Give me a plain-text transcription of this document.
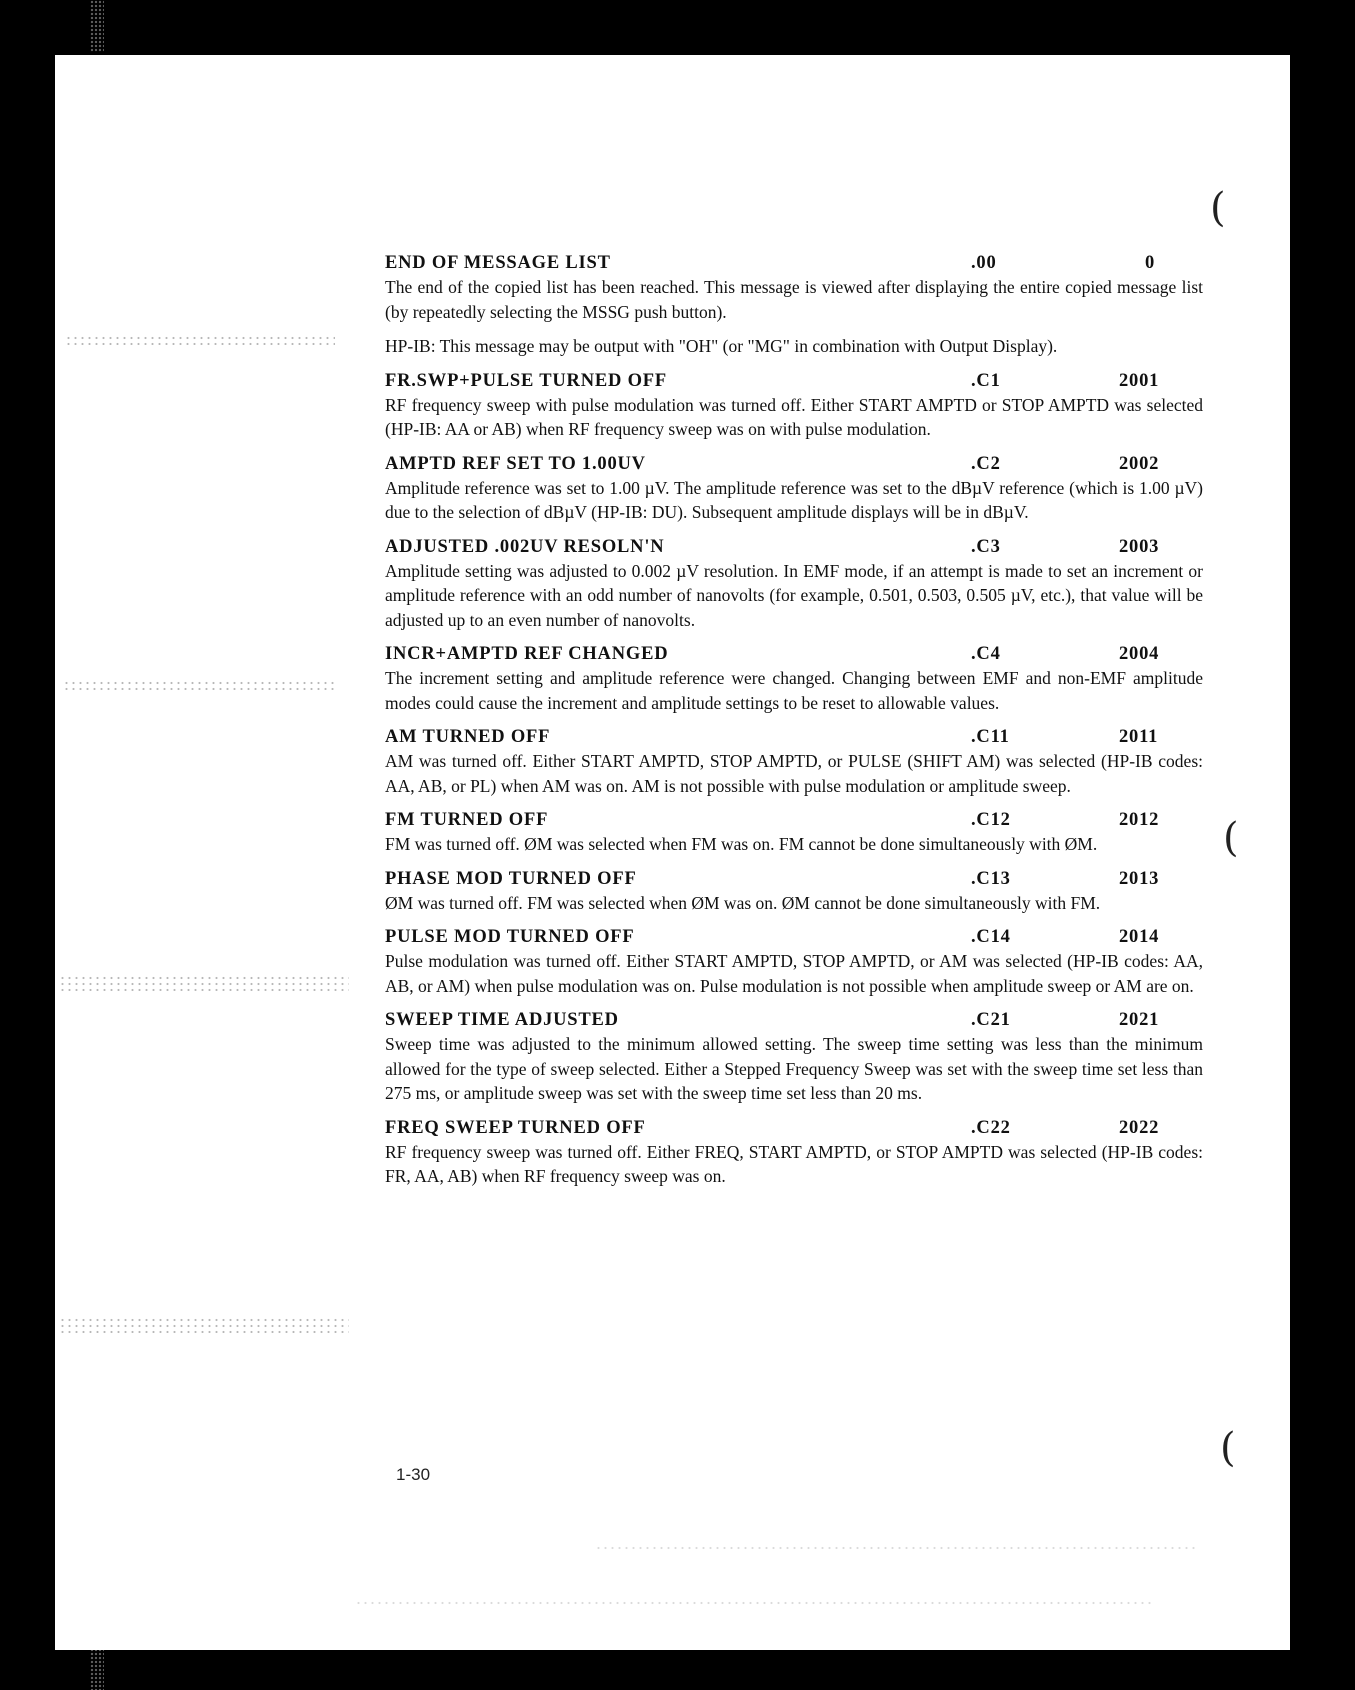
(
(
(
END OF MESSAGE LIST	.00	0

The end of the copied list has been reached. This message is viewed after displaying the entire copied message list (by repeatedly selecting the MSSG push button).

HP-IB: This message may be output with "OH" (or "MG" in combination with Output Display).

FR.SWP+PULSE TURNED OFF	.C1	2001

RF frequency sweep with pulse modulation was turned off. Either START AMPTD or STOP AMPTD was selected (HP-IB: AA or AB) when RF frequency sweep was on with pulse modulation.

AMPTD REF SET TO 1.00UV	.C2	2002

Amplitude reference was set to 1.00 µV. The amplitude reference was set to the dBµV reference (which is 1.00 µV) due to the selection of dBµV (HP-IB: DU). Subsequent amplitude displays will be in dBµV.

ADJUSTED .002UV RESOLN'N	.C3	2003

Amplitude setting was adjusted to 0.002 µV resolution. In EMF mode, if an attempt is made to set an increment or amplitude reference with an odd number of nanovolts (for example, 0.501, 0.503, 0.505 µV, etc.), that value will be adjusted up to an even number of nanovolts.

INCR+AMPTD REF CHANGED	.C4	2004

The increment setting and amplitude reference were changed. Changing between EMF and non-EMF amplitude modes could cause the increment and amplitude settings to be reset to allowable values.

AM TURNED OFF	.C11	2011

AM was turned off. Either START AMPTD, STOP AMPTD, or PULSE (SHIFT AM) was selected (HP-IB codes: AA, AB, or PL) when AM was on. AM is not possible with pulse modulation or amplitude sweep.

FM TURNED OFF	.C12	2012

FM was turned off. ØM was selected when FM was on. FM cannot be done simultaneously with ØM.

PHASE MOD TURNED OFF	.C13	2013

ØM was turned off. FM was selected when ØM was on. ØM cannot be done simultaneously with FM.

PULSE MOD TURNED OFF	.C14	2014

Pulse modulation was turned off. Either START AMPTD, STOP AMPTD, or AM was selected (HP-IB codes: AA, AB, or AM) when pulse modulation was on. Pulse modulation is not possible when amplitude sweep or AM are on.

SWEEP TIME ADJUSTED	.C21	2021

Sweep time was adjusted to the minimum allowed setting. The sweep time setting was less than the minimum allowed for the type of sweep selected. Either a Stepped Frequency Sweep was set with the sweep time set less than 275 ms, or amplitude sweep was set with the sweep time set less than 20 ms.

FREQ SWEEP TURNED OFF	.C22	2022

RF frequency sweep was turned off. Either FREQ, START AMPTD, or STOP AMPTD was selected (HP-IB codes: FR, AA, AB) when RF frequency sweep was on.

1-30
